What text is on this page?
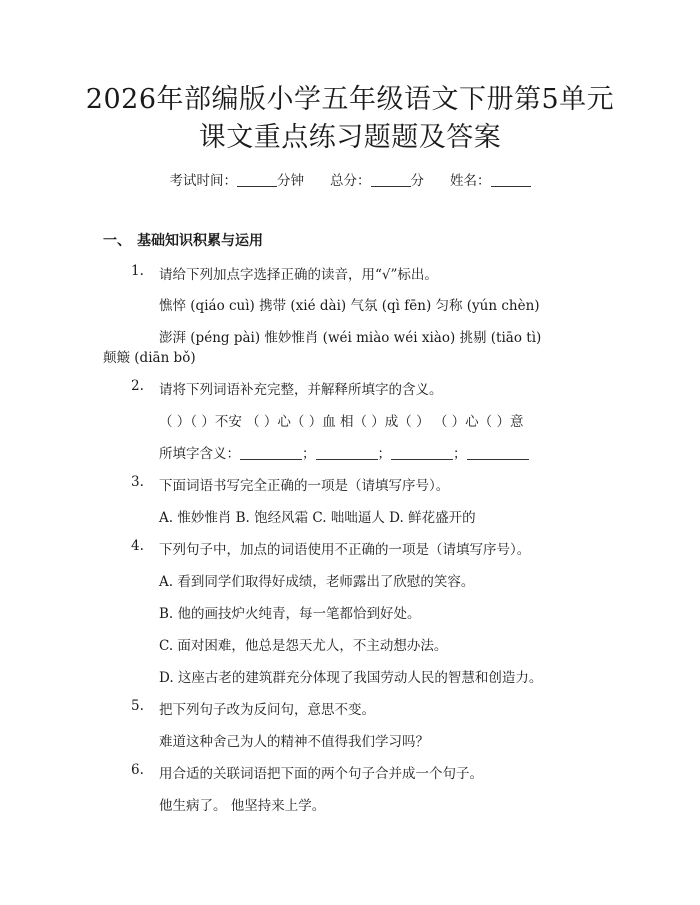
2026年部编版小学五年级语文下册第5单元
课文重点练习题题及答案
考试时间：	分钟 总分：	分 姓名：
一、 基础知识积累与运用
1. 请给下列加点字选择正确的读音，用“√”标出。
憔悴 (qiáo cuì) 携带 (xié dài) 气氛 (qì fēn) 匀称 (yún chèn)
澎湃 (péng pài) 惟妙惟肖 (wéi miào wéi xiào) 挑剔 (tiāo tì)
颠簸 (diān bǒ)
2. 请将下列词语补充完整，并解释所填字的含义。
（ ）（ ）不安 （ ）心（ ）血 相（ ）成（ ） （ ）心（ ）意
所填字含义：	；	；	；
3. 下面词语书写完全正确的一项是（请填写序号）。
A. 惟妙惟肖 B. 饱经风霜 C. 咄咄逼人 D. 鲜花盛开的
4. 下列句子中，加点的词语使用不正确的一项是（请填写序号）。
A. 看到同学们取得好成绩，老师露出了欣慰的笑容。
B. 他的画技炉火纯青，每一笔都恰到好处。
C. 面对困难，他总是怨天尤人，不主动想办法。
D. 这座古老的建筑群充分体现了我国劳动人民的智慧和创造力。
5. 把下列句子改为反问句，意思不变。
难道这种舍己为人的精神不值得我们学习吗？
6. 用合适的关联词语把下面的两个句子合并成一个句子。
他生病了。 他坚持来上学。
